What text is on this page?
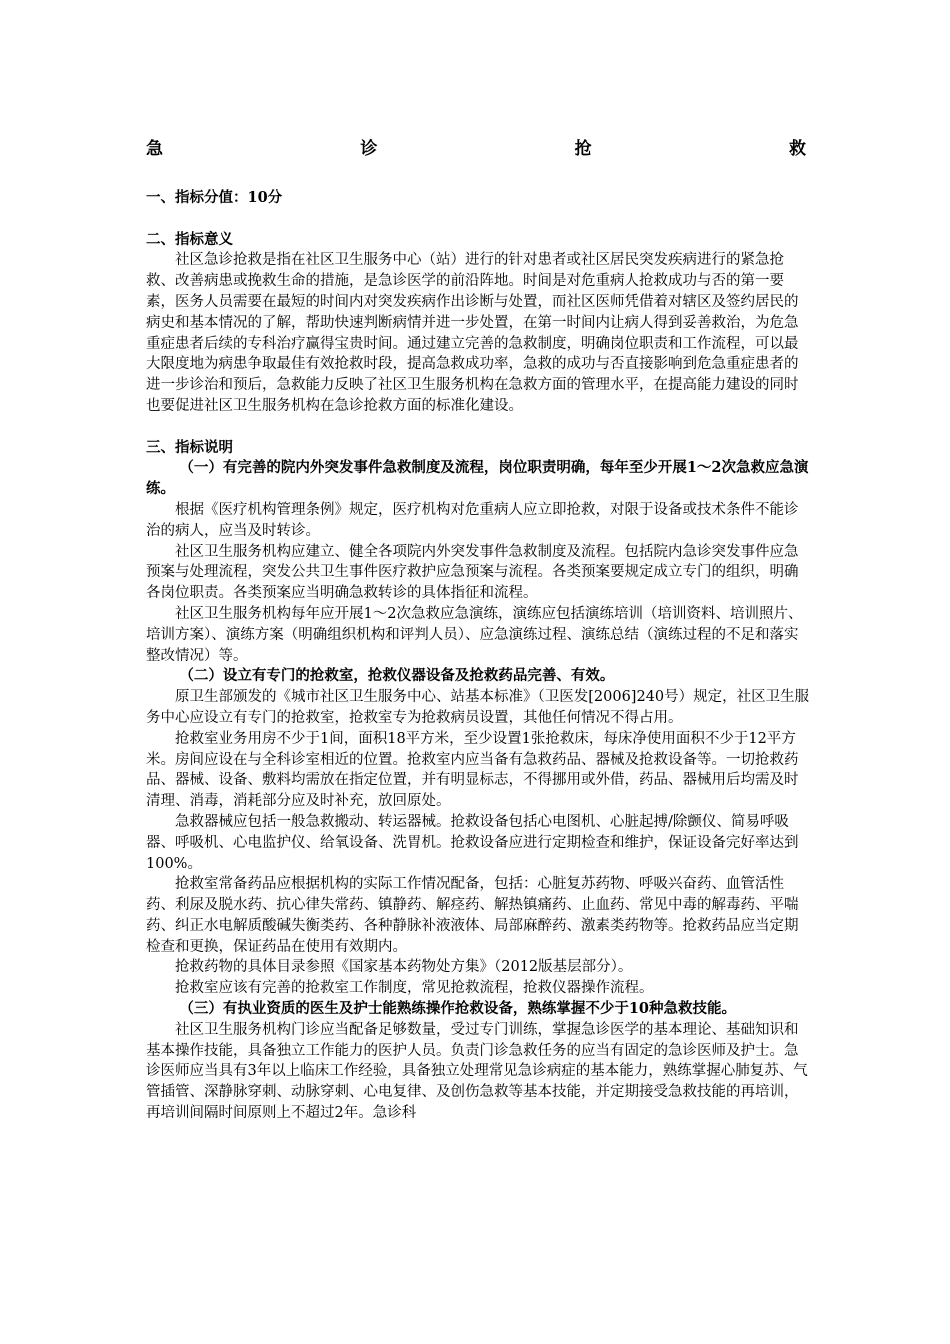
急	诊	抢	救

一、指标分值：10分

二、指标意义

社区急诊抢救是指在社区卫生服务中心（站）进行的针对患者或社区居民突发疾病进行的紧急抢救、改善病患或挽救生命的措施，是急诊医学的前沿阵地。时间是对危重病人抢救成功与否的第一要素，医务人员需要在最短的时间内对突发疾病作出诊断与处置，而社区医师凭借着对辖区及签约居民的病史和基本情况的了解，帮助快速判断病情并进一步处置，在第一时间内让病人得到妥善救治，为危急重症患者后续的专科治疗赢得宝贵时间。通过建立完善的急救制度，明确岗位职责和工作流程，可以最大限度地为病患争取最佳有效抢救时段，提高急救成功率，急救的成功与否直接影响到危急重症患者的进一步诊治和预后，急救能力反映了社区卫生服务机构在急救方面的管理水平，在提高能力建设的同时也要促进社区卫生服务机构在急诊抢救方面的标准化建设。

三、指标说明

（一）有完善的院内外突发事件急救制度及流程，岗位职责明确，每年至少开展1～2次急救应急演练。

根据《医疗机构管理条例》规定，医疗机构对危重病人应立即抢救，对限于设备或技术条件不能诊治的病人，应当及时转诊。

社区卫生服务机构应建立、健全各项院内外突发事件急救制度及流程。包括院内急诊突发事件应急预案与处理流程，突发公共卫生事件医疗救护应急预案与流程。各类预案要规定成立专门的组织，明确各岗位职责。各类预案应当明确急救转诊的具体指征和流程。

社区卫生服务机构每年应开展1～2次急救应急演练，演练应包括演练培训（培训资料、培训照片、培训方案）、演练方案（明确组织机构和评判人员）、应急演练过程、演练总结（演练过程的不足和落实整改情况）等。

（二）设立有专门的抢救室，抢救仪器设备及抢救药品完善、有效。

原卫生部颁发的《城市社区卫生服务中心、站基本标准》（卫医发[2006]240号）规定，社区卫生服务中心应设立有专门的抢救室，抢救室专为抢救病员设置，其他任何情况不得占用。

抢救室业务用房不少于1间，面积18平方米，至少设置1张抢救床，每床净使用面积不少于12平方米。房间应设在与全科诊室相近的位置。抢救室内应当备有急救药品、器械及抢救设备等。一切抢救药品、器械、设备、敷料均需放在指定位置，并有明显标志，不得挪用或外借，药品、器械用后均需及时清理、消毒，消耗部分应及时补充，放回原处。

急救器械应包括一般急救搬动、转运器械。抢救设备包括心电图机、心脏起搏/除颤仪、简易呼吸器、呼吸机、心电监护仪、给氧设备、洗胃机。抢救设备应进行定期检查和维护，保证设备完好率达到100%。

抢救室常备药品应根据机构的实际工作情况配备，包括：心脏复苏药物、呼吸兴奋药、血管活性药、利尿及脱水药、抗心律失常药、镇静药、解痉药、解热镇痛药、止血药、常见中毒的解毒药、平喘药、纠正水电解质酸碱失衡类药、各种静脉补液液体、局部麻醉药、激素类药物等。抢救药品应当定期检查和更换，保证药品在使用有效期内。

抢救药物的具体目录参照《国家基本药物处方集》（2012版基层部分）。

抢救室应该有完善的抢救室工作制度，常见抢救流程，抢救仪器操作流程。

（三）有执业资质的医生及护士能熟练操作抢救设备，熟练掌握不少于10种急救技能。

社区卫生服务机构门诊应当配备足够数量，受过专门训练，掌握急诊医学的基本理论、基础知识和基本操作技能，具备独立工作能力的医护人员。负责门诊急救任务的应当有固定的急诊医师及护士。急诊医师应当具有3年以上临床工作经验，具备独立处理常见急诊病症的基本能力，熟练掌握心肺复苏、气管插管、深静脉穿刺、动脉穿刺、心电复律、及创伤急救等基本技能，并定期接受急救技能的再培训，再培训间隔时间原则上不超过2年。急诊科
